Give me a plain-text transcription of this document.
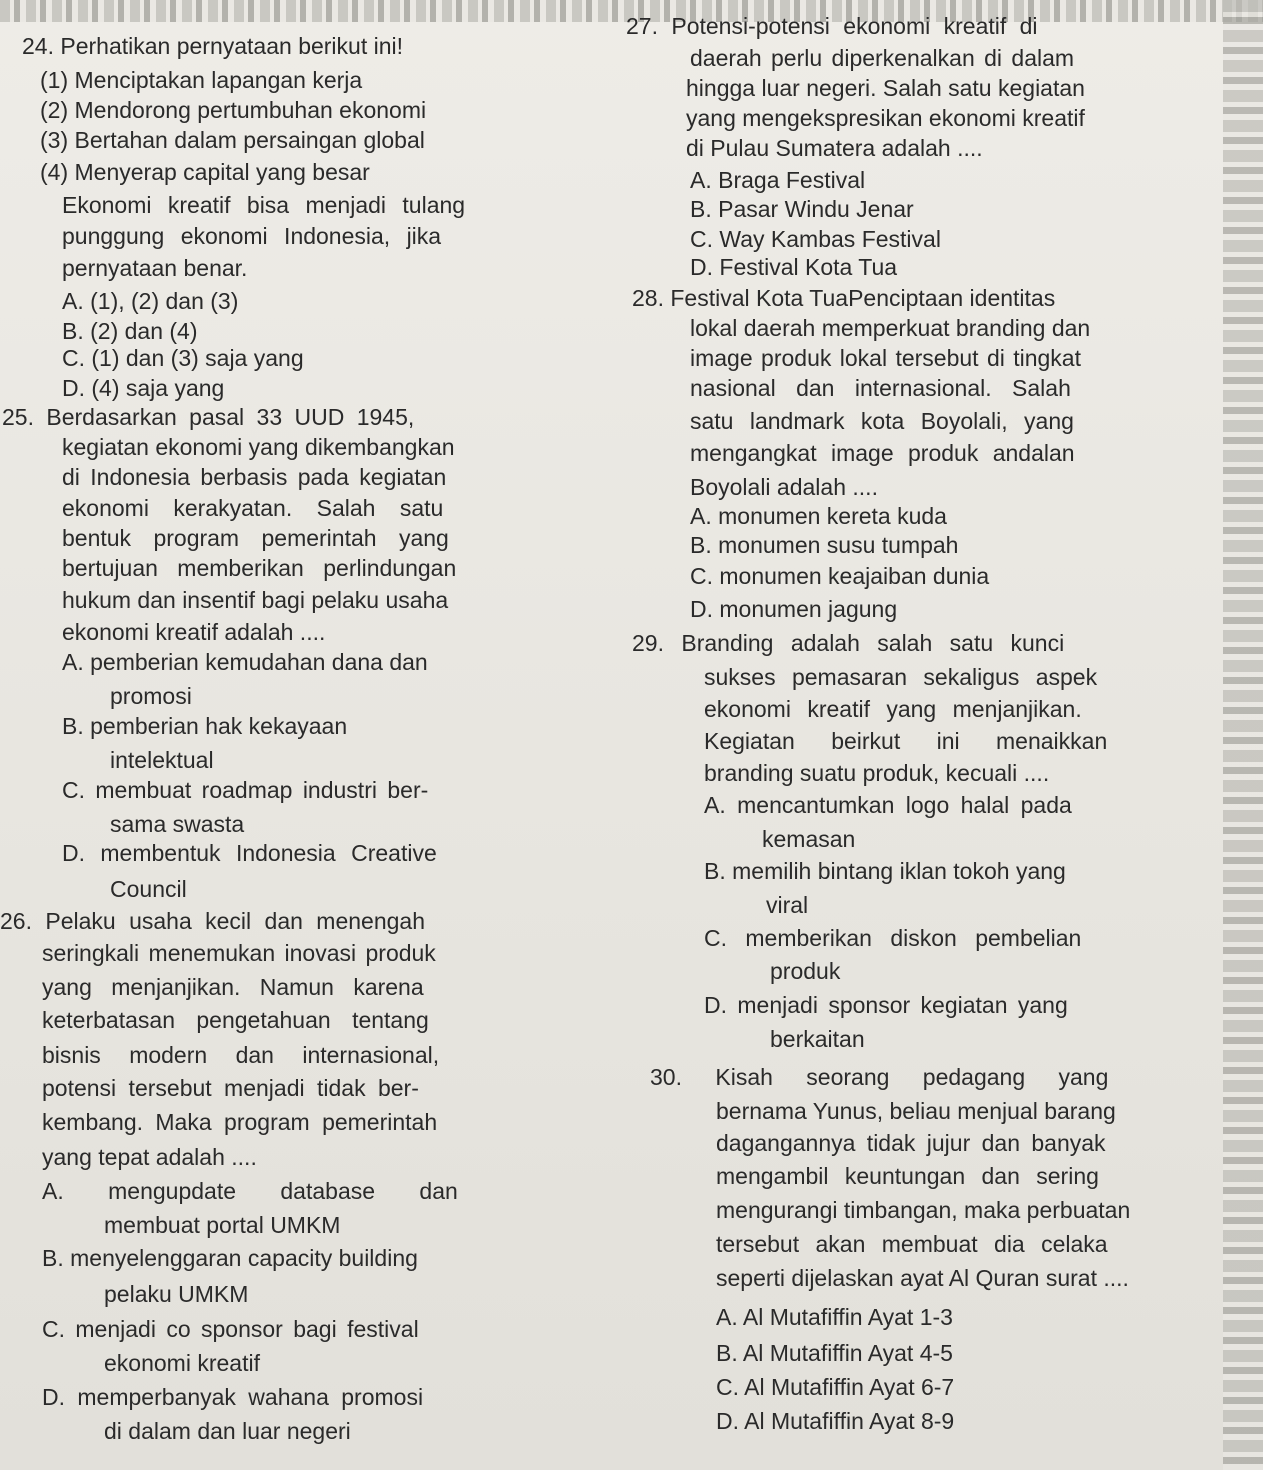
24. Perhatikan pernyataan berikut ini!
(1) Menciptakan lapangan kerja
(2) Mendorong pertumbuhan ekonomi
(3) Bertahan dalam persaingan global
(4) Menyerap capital yang besar
Ekonomi kreatif bisa menjadi tulang
punggung ekonomi Indonesia, jika
pernyataan benar.
A. (1), (2) dan (3)
B. (2) dan (4)
C. (1) dan (3) saja yang
D. (4) saja yang
25. Berdasarkan pasal 33 UUD 1945,
kegiatan ekonomi yang dikembangkan
di Indonesia berbasis pada kegiatan
ekonomi kerakyatan. Salah satu
bentuk program pemerintah yang
bertujuan memberikan perlindungan
hukum dan insentif bagi pelaku usaha
ekonomi kreatif adalah ....
A. pemberian kemudahan dana dan
promosi
B. pemberian hak kekayaan
intelektual
C. membuat roadmap industri ber-
sama swasta
D. membentuk Indonesia Creative
Council
26. Pelaku usaha kecil dan menengah
seringkali menemukan inovasi produk
yang menjanjikan. Namun karena
keterbatasan pengetahuan tentang
bisnis modern dan internasional,
potensi tersebut menjadi tidak ber-
kembang. Maka program pemerintah
yang tepat adalah ....
A. mengupdate database dan
membuat portal UMKM
B. menyelenggaran capacity building
pelaku UMKM
C. menjadi co sponsor bagi festival
ekonomi kreatif
D. memperbanyak wahana promosi
di dalam dan luar negeri
27. Potensi-potensi ekonomi kreatif di
daerah perlu diperkenalkan di dalam
hingga luar negeri. Salah satu kegiatan
yang mengekspresikan ekonomi kreatif
di Pulau Sumatera adalah ....
A. Braga Festival
B. Pasar Windu Jenar
C. Way Kambas Festival
D. Festival Kota Tua
28. Festival Kota TuaPenciptaan identitas
lokal daerah memperkuat branding dan
image produk lokal tersebut di tingkat
nasional dan internasional. Salah
satu landmark kota Boyolali, yang
mengangkat image produk andalan
Boyolali adalah ....
A. monumen kereta kuda
B. monumen susu tumpah
C. monumen keajaiban dunia
D. monumen jagung
29. Branding adalah salah satu kunci
sukses pemasaran sekaligus aspek
ekonomi kreatif yang menjanjikan.
Kegiatan beirkut ini menaikkan
branding suatu produk, kecuali ....
A. mencantumkan logo halal pada
kemasan
B. memilih bintang iklan tokoh yang
viral
C. memberikan diskon pembelian
produk
D. menjadi sponsor kegiatan yang
berkaitan
30. Kisah seorang pedagang yang
bernama Yunus, beliau menjual barang
dagangannya tidak jujur dan banyak
mengambil keuntungan dan sering
mengurangi timbangan, maka perbuatan
tersebut akan membuat dia celaka
seperti dijelaskan ayat Al Quran surat ....
A. Al Mutafiffin Ayat 1-3
B. Al Mutafiffin Ayat 4-5
C. Al Mutafiffin Ayat 6-7
D. Al Mutafiffin Ayat 8-9
